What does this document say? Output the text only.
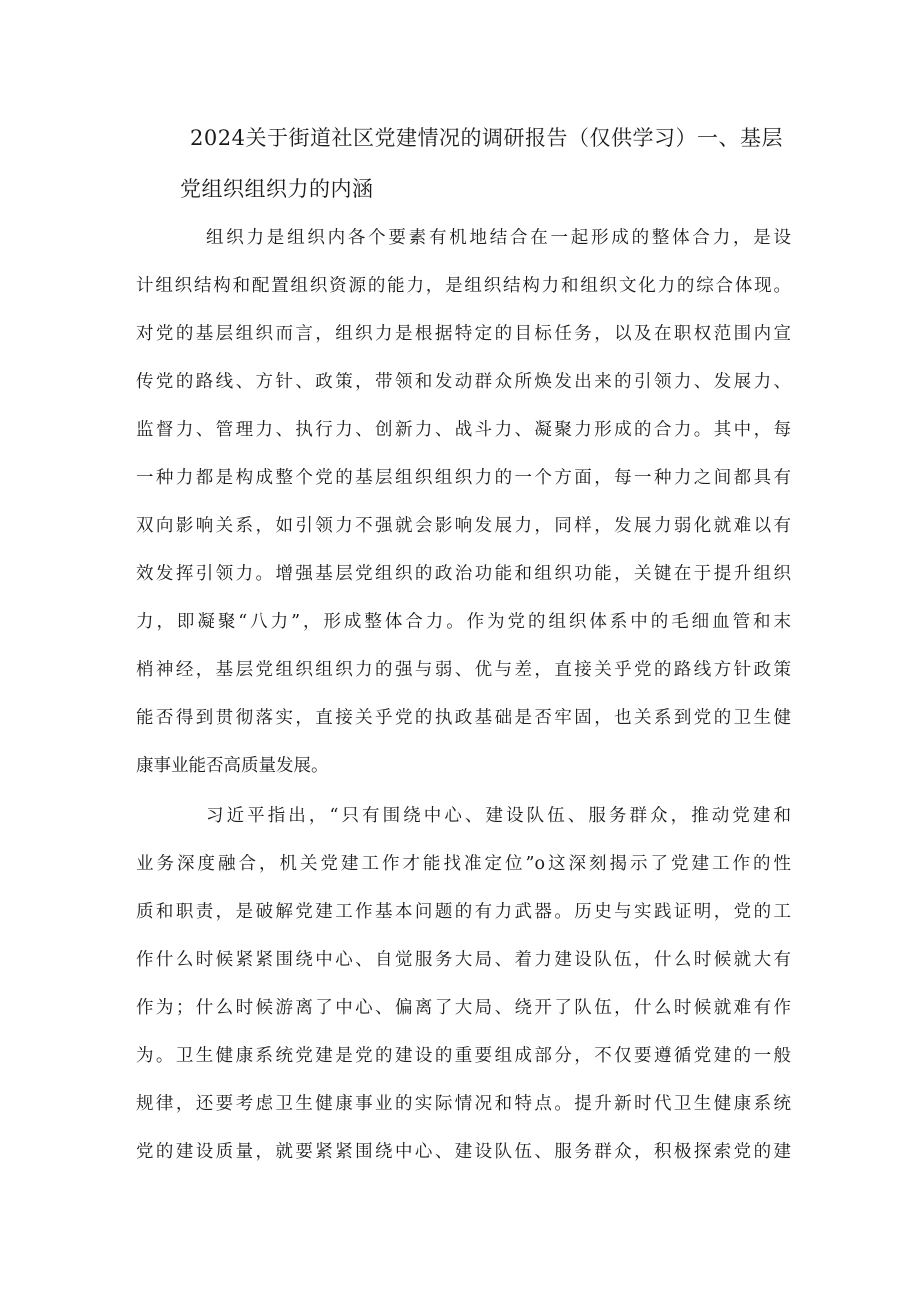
2024关于街道社区党建情况的调研报告（仅供学习）一、基层
党组织组织力的内涵

组织力是组织内各个要素有机地结合在一起形成的整体合力，是设

计组织结构和配置组织资源的能力，是组织结构力和组织文化力的综合体现。

对党的基层组织而言，组织力是根据特定的目标任务，以及在职权范围内宣

传党的路线、方针、政策，带领和发动群众所焕发出来的引领力、发展力、

监督力、管理力、执行力、创新力、战斗力、凝聚力形成的合力。其中，每

一种力都是构成整个党的基层组织组织力的一个方面，每一种力之间都具有

双向影响关系，如引领力不强就会影响发展力，同样，发展力弱化就难以有

效发挥引领力。增强基层党组织的政治功能和组织功能，关键在于提升组织

力，即凝聚“八力”，形成整体合力。作为党的组织体系中的毛细血管和末

梢神经，基层党组织组织力的强与弱、优与差，直接关乎党的路线方针政策

能否得到贯彻落实，直接关乎党的执政基础是否牢固，也关系到党的卫生健

康事业能否高质量发展。

习近平指出，“只有围绕中心、建设队伍、服务群众，推动党建和

业务深度融合，机关党建工作才能找准定位”o这深刻揭示了党建工作的性

质和职责，是破解党建工作基本问题的有力武器。历史与实践证明，党的工

作什么时候紧紧围绕中心、自觉服务大局、着力建设队伍，什么时候就大有

作为；什么时候游离了中心、偏离了大局、绕开了队伍，什么时候就难有作

为。卫生健康系统党建是党的建设的重要组成部分，不仅要遵循党建的一般

规律，还要考虑卫生健康事业的实际情况和特点。提升新时代卫生健康系统

党的建设质量，就要紧紧围绕中心、建设队伍、服务群众，积极探索党的建
